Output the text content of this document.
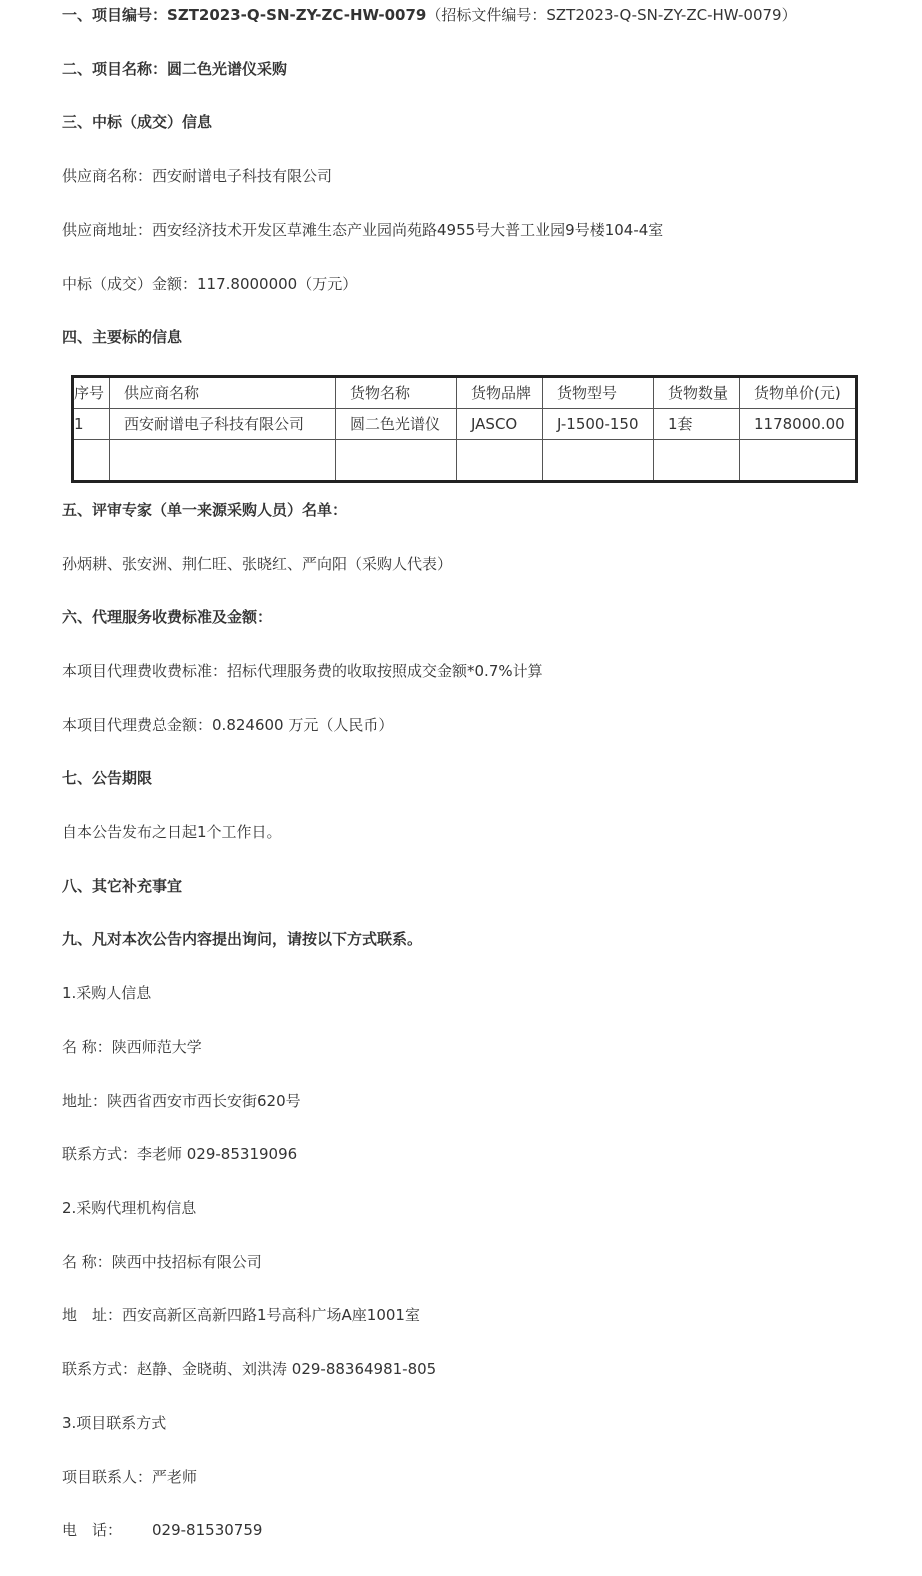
一、项目编号：SZT2023-Q-SN-ZY-ZC-HW-0079（招标文件编号：SZT2023-Q-SN-ZY-ZC-HW-0079）
二、项目名称：圆二色光谱仪采购
三、中标（成交）信息
供应商名称：西安耐谱电子科技有限公司
供应商地址：西安经济技术开发区草滩生态产业园尚苑路4955号大普工业园9号楼104-4室
中标（成交）金额：117.8000000（万元）
四、主要标的信息
序号	供应商名称	货物名称	货物品牌	货物型号	货物数量	货物单价(元)
1	西安耐谱电子科技有限公司	圆二色光谱仪	JASCO	J-1500-150	1套	1178000.00

五、评审专家（单一来源采购人员）名单：
孙炳耕、张安洲、荆仁旺、张晓红、严向阳（采购人代表）
六、代理服务收费标准及金额：
本项目代理费收费标准：招标代理服务费的收取按照成交金额*0.7%计算
本项目代理费总金额：0.824600 万元（人民币）
七、公告期限
自本公告发布之日起1个工作日。
八、其它补充事宜
九、凡对本次公告内容提出询问，请按以下方式联系。
1.采购人信息
名 称：陕西师范大学
地址：陕西省西安市西长安街620号
联系方式：李老师 029-85319096
2.采购代理机构信息
名 称：陕西中技招标有限公司
地　址：西安高新区高新四路1号高科广场A座1001室
联系方式：赵静、金晓萌、刘洪涛 029-88364981-805
3.项目联系方式
项目联系人：严老师
电　话： 029-81530759
